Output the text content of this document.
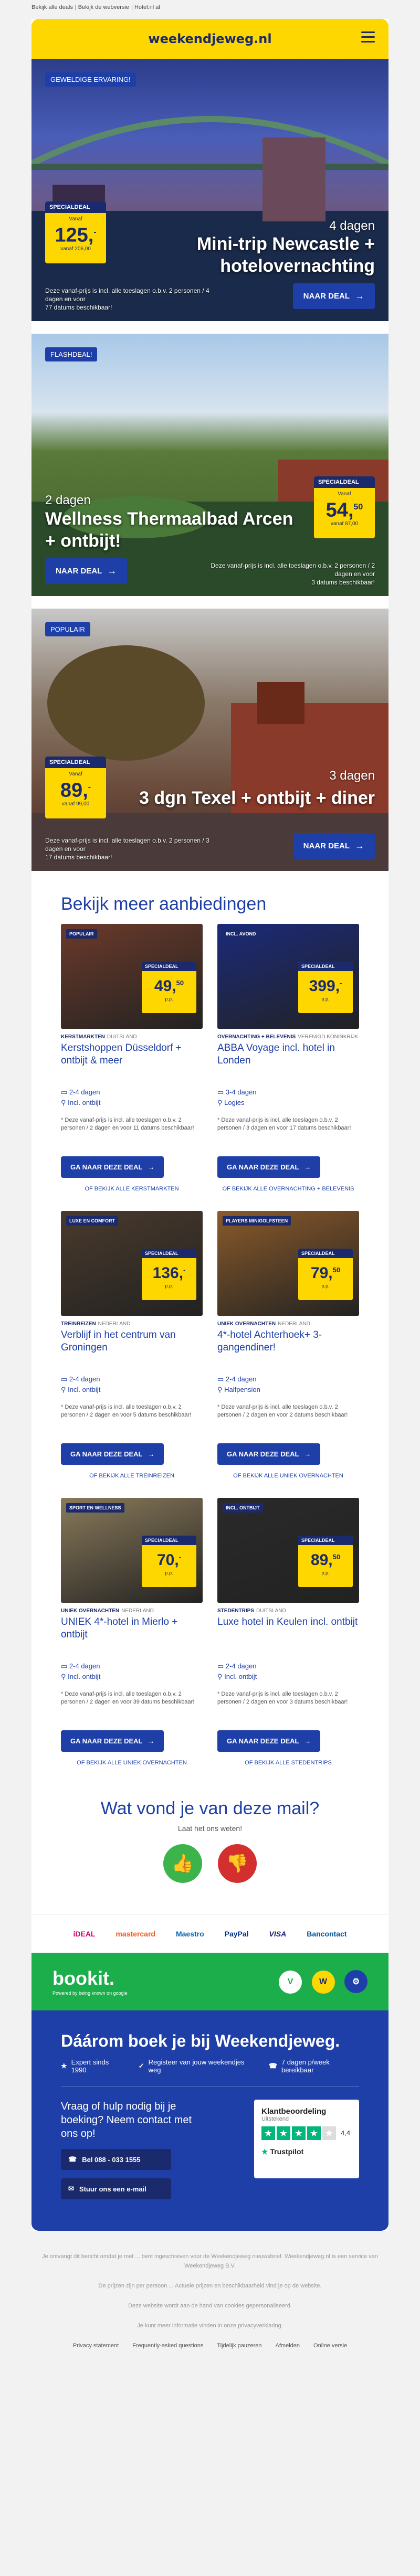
Bekijk alle deals | Bekijk de webversie | Hotel.nl al
weekendjeweg.nl
GEWELDIGE ERVARING!
SPECIALDEAL
Vanaf
125,-
vanaf 206,00
4 dagen
Mini-trip Newcastle +
hotelovernachting
Deze vanaf-prijs is incl. alle toeslagen o.b.v. 2 personen / 4 dagen en voor
77 datums beschikbaar!
NAAR DEAL →
FLASHDEAL!
2 dagen
Wellness Thermaalbad Arcen
+ ontbijt!
SPECIALDEAL
Vanaf
54,50
vanaf 87,00
NAAR DEAL →	Deze vanaf-prijs is incl. alle toeslagen o.b.v. 2 personen / 2 dagen en voor
3 datums beschikbaar!
POPULAIR
SPECIALDEAL
Vanaf
89,-
vanaf 99,00
3 dagen
3 dgn Texel + ontbijt + diner
Deze vanaf-prijs is incl. alle toeslagen o.b.v. 2 personen / 3 dagen en voor
17 datums beschikbaar!
NAAR DEAL →
Bekijk meer aanbiedingen
POPULAIR
SPECIALDEAL
49,50
p.p.
KERSTMARKTEN DUITSLAND
Kerstshoppen Düsseldorf + ontbijt & meer
▭ 2-4 dagen
⚲ Incl. ontbijt
* Deze vanaf-prijs is incl. alle toeslagen o.b.v. 2 personen / 2 dagen en voor 11 datums beschikbaar!
GA NAAR DEZE DEAL →
OF BEKIJK ALLE KERSTMARKTEN
INCL. AVOND
SPECIALDEAL
399,-
p.p.
OVERNACHTING + BELEVENIS VERENIGD KONINKRIJK
ABBA Voyage incl. hotel in Londen
▭ 3-4 dagen
⚲ Logies
* Deze vanaf-prijs is incl. alle toeslagen o.b.v. 2 personen / 3 dagen en voor 17 datums beschikbaar!
GA NAAR DEZE DEAL →
OF BEKIJK ALLE OVERNACHTING + BELEVENIS
LUXE EN COMFORT
SPECIALDEAL
136,-
p.p.
TREINREIZEN NEDERLAND
Verblijf in het centrum van Groningen
▭ 2-4 dagen
⚲ Incl. ontbijt
* Deze vanaf-prijs is incl. alle toeslagen o.b.v. 2 personen / 2 dagen en voor 5 datums beschikbaar!
GA NAAR DEZE DEAL →
OF BEKIJK ALLE TREINREIZEN
PLAYERS MINIGOLFSTEEN
SPECIALDEAL
79,50
p.p.
UNIEK OVERNACHTEN NEDERLAND
4*-hotel Achterhoek+ 3-gangendiner!
▭ 2-4 dagen
⚲ Halfpension
* Deze vanaf-prijs is incl. alle toeslagen o.b.v. 2 personen / 2 dagen en voor 2 datums beschikbaar!
GA NAAR DEZE DEAL →
OF BEKIJK ALLE UNIEK OVERNACHTEN
SPORT EN WELLNESS
SPECIALDEAL
70,-
p.p.
UNIEK OVERNACHTEN NEDERLAND
UNIEK 4*-hotel in Mierlo + ontbijt
▭ 2-4 dagen
⚲ Incl. ontbijt
* Deze vanaf-prijs is incl. alle toeslagen o.b.v. 2 personen / 2 dagen en voor 39 datums beschikbaar!
GA NAAR DEZE DEAL →
OF BEKIJK ALLE UNIEK OVERNACHTEN
INCL. ONTBIJT
SPECIALDEAL
89,50
p.p.
STEDENTRIPS DUITSLAND
Luxe hotel in Keulen incl. ontbijt
▭ 2-4 dagen
⚲ Incl. ontbijt
* Deze vanaf-prijs is incl. alle toeslagen o.b.v. 2 personen / 2 dagen en voor 3 datums beschikbaar!
GA NAAR DEZE DEAL →
OF BEKIJK ALLE STEDENTRIPS
Wat vond je van deze mail?

Laat het ons weten!

👍	👎
iDEAL	mastercard	Maestro	PayPal	VISA	Bancontact
bookit.
Powered by being known on google
V	W	⚙
Dáárom boek je bij Weekendjeweg.
★ Expert sinds 1990
✓ Registeer van jouw weekendjes weg
☎ 7 dagen p/week bereikbaar
Vraag of hulp nodig bij je boeking? Neem contact met ons op!
☎ Bel 088 - 033 1555
✉ Stuur ons een e-mail
Klantbeoordeling
Uitstekend
★ ★ ★ ★ ★	4,4
★ Trustpilot

Je ontvangt dit bericht omdat je met ... bent ingeschreven voor de Weekendjeweg nieuwsbrief. Weekendjeweg.nl is een service van Weekendjeweg B.V.

De prijzen zijn per persoon ... Actuele prijzen en beschikbaarheid vind je op de website.

Deze website wordt aan de hand van cookies gepersonaliseerd.

Je kunt meer informatie vinden in onze privacyverklaring.

Privacy statement Frequently-asked questions Tijdelijk pauzeren Afmelden Online versie
